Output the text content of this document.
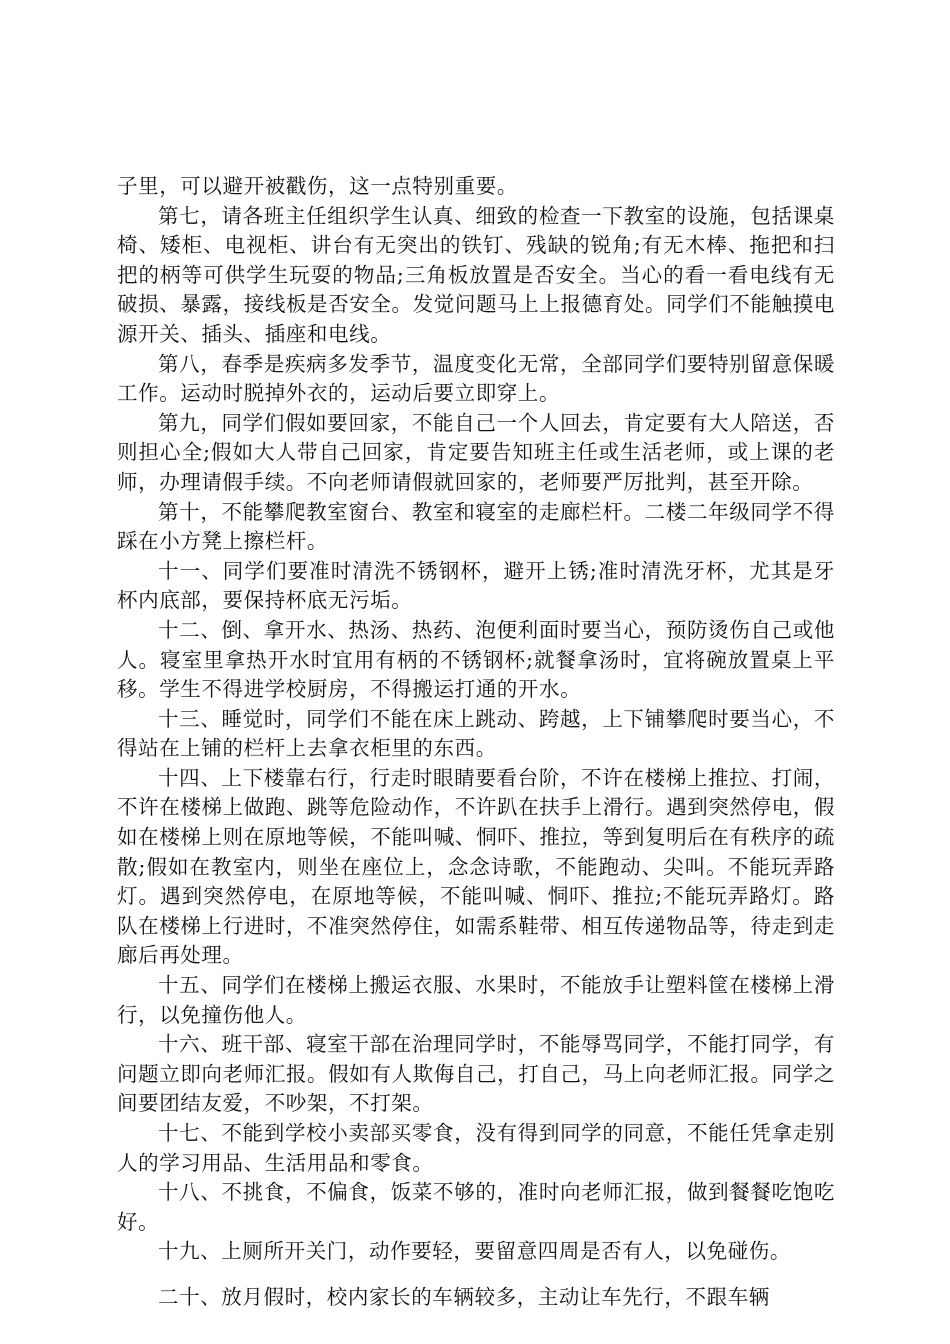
子里，可以避开被戳伤，这一点特别重要。

第七，请各班主任组织学生认真、细致的检查一下教室的设施，包括课桌椅、矮柜、电视柜、讲台有无突出的铁钉、残缺的锐角;有无木棒、拖把和扫把的柄等可供学生玩耍的物品;三角板放置是否安全。当心的看一看电线有无破损、暴露，接线板是否安全。发觉问题马上上报德育处。同学们不能触摸电源开关、插头、插座和电线。

第八，春季是疾病多发季节，温度变化无常，全部同学们要特别留意保暖工作。运动时脱掉外衣的，运动后要立即穿上。

第九，同学们假如要回家，不能自己一个人回去，肯定要有大人陪送，否则担心全;假如大人带自己回家，肯定要告知班主任或生活老师，或上课的老师，办理请假手续。不向老师请假就回家的，老师要严厉批判，甚至开除。

第十，不能攀爬教室窗台、教室和寝室的走廊栏杆。二楼二年级同学不得踩在小方凳上擦栏杆。

十一、同学们要准时清洗不锈钢杯，避开上锈;准时清洗牙杯，尤其是牙杯内底部，要保持杯底无污垢。

十二、倒、拿开水、热汤、热药、泡便利面时要当心，预防烫伤自己或他人。寝室里拿热开水时宜用有柄的不锈钢杯;就餐拿汤时，宜将碗放置桌上平移。学生不得进学校厨房，不得搬运打通的开水。

十三、睡觉时，同学们不能在床上跳动、跨越，上下铺攀爬时要当心，不得站在上铺的栏杆上去拿衣柜里的东西。

十四、上下楼靠右行，行走时眼睛要看台阶，不许在楼梯上推拉、打闹，不许在楼梯上做跑、跳等危险动作，不许趴在扶手上滑行。遇到突然停电，假如在楼梯上则在原地等候，不能叫喊、恫吓、推拉，等到复明后在有秩序的疏散;假如在教室内，则坐在座位上，念念诗歌，不能跑动、尖叫。不能玩弄路灯。遇到突然停电，在原地等候，不能叫喊、恫吓、推拉;不能玩弄路灯。路队在楼梯上行进时，不准突然停住，如需系鞋带、相互传递物品等，待走到走廊后再处理。

十五、同学们在楼梯上搬运衣服、水果时，不能放手让塑料筐在楼梯上滑行，以免撞伤他人。

十六、班干部、寝室干部在治理同学时，不能辱骂同学，不能打同学，有问题立即向老师汇报。假如有人欺侮自己，打自己，马上向老师汇报。同学之间要团结友爱，不吵架，不打架。

十七、不能到学校小卖部买零食，没有得到同学的同意，不能任凭拿走别人的学习用品、生活用品和零食。

十八、不挑食，不偏食，饭菜不够的，准时向老师汇报，做到餐餐吃饱吃好。

十九、上厕所开关门，动作要轻，要留意四周是否有人，以免碰伤。

二十、放月假时，校内家长的车辆较多，主动让车先行，不跟车辆
